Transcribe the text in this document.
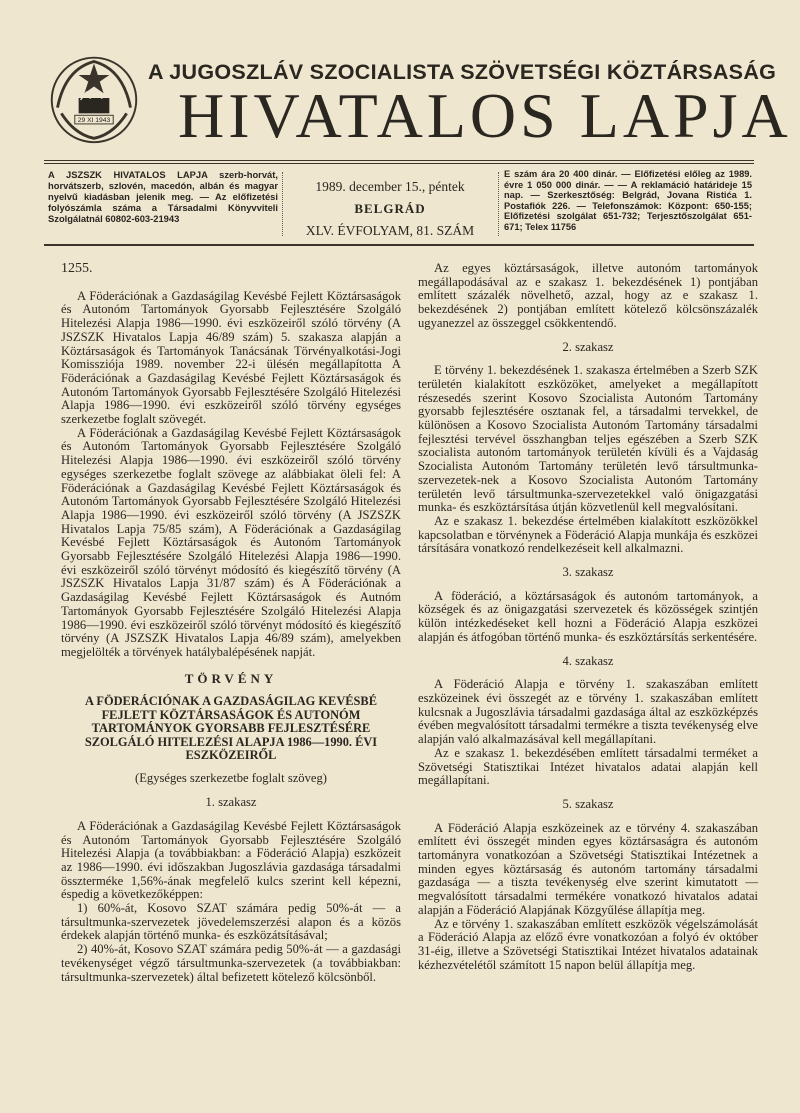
29 XI 1943
A JUGOSZLÁV SZOCIALISTA SZÖVETSÉGI KÖZTÁRSASÁG
HIVATALOS LAPJA
A JSZSZK HIVATALOS LAPJA szerb-horvát, horvátszerb, szlovén, macedón, albán és magyar nyelvű kiadásban jelenik meg. — Az előfizetési folyószámla száma a Társadalmi Könyvviteli Szolgálatnál 60802-603-21943
1989. december 15., péntek
BELGRÁD
XLV. ÉVFOLYAM, 81. SZÁM
E szám ára 20 400 dinár. — Előfizetési előleg az 1989. évre 1 050 000 dinár. — — A reklamáció határideje 15 nap. — Szerkesztőség: Belgrád, Jovana Ristića 1. Postafiók 226. — Telefonszámok: Központ: 650-155; Előfizetési szolgálat 651-732; Terjesztőszolgálat 651-671; Telex 11756

1255.

A Föderációnak a Gazdaságilag Kevésbé Fejlett Köztársaságok és Autonóm Tartományok Gyorsabb Fejlesztésére Szolgáló Hitelezési Alapja 1986—1990. évi eszközeiről szóló törvény (A JSZSZK Hivatalos Lapja 46/89 szám) 5. szakasza alapján a Köztársaságok és Tartományok Tanácsának Törvényalkotási-Jogi Komissziója 1989. november 22-i ülésén megállapította A Föderációnak a Gazdaságilag Kevésbé Fejlett Köztársaságok és Autonóm Tartományok Gyorsabb Fejlesztésére Szolgáló Hitelezési Alapja 1986—1990. évi eszközeiről szóló törvény egységes szerkezetbe foglalt szövegét.

A Föderációnak a Gazdaságilag Kevésbé Fejlett Köztársaságok és Autonóm Tartományok Gyorsabb Fejlesztésére Szolgáló Hitelezési Alapja 1986—1990. évi eszközeiről szóló törvény egységes szerkezetbe foglalt szövege az alábbiakat öleli fel: A Föderációnak a Gazdaságilag Kevésbé Fejlett Köztársaságok és Autonóm Tartományok Gyorsabb Fejlesztésére Szolgáló Hitelezési Alapja 1986—1990. évi eszközeiről szóló törvény (A JSZSZK Hivatalos Lapja 75/85 szám), A Föderációnak a Gazdaságilag Kevésbé Fejlett Köztársaságok és Autonóm Tartományok Gyorsabb Fejlesztésére Szolgáló Hitelezési Alapja 1986—1990. évi eszközeiről szóló törvényt módosító és kiegészítő törvény (A JSZSZK Hivatalos Lapja 31/87 szám) és A Föderációnak a Gazdaságilag Kevésbé Fejlett Köztársaságok és Autnóm Tartományok Gyorsabb Fejlesztésére Szolgáló Hitelezési Alapja 1986—1990. évi eszközeiről szóló törvényt módosító és kiegészítő törvény (A JSZSZK Hivatalos Lapja 46/89 szám), amelyekben megjelölték a törvények hatálybalépésének napját.

TÖRVÉNY

A FÖDERÁCIÓNAK A GAZDASÁGILAG KEVÉSBÉ FEJLETT KÖZTÁRSASÁGOK ÉS AUTONÓM TARTOMÁNYOK GYORSABB FEJLESZTÉSÉRE SZOLGÁLÓ HITELEZÉSI ALAPJA 1986—1990. ÉVI ESZKÖZEIRŐL

(Egységes szerkezetbe foglalt szöveg)

1. szakasz

A Föderációnak a Gazdaságilag Kevésbé Fejlett Köztársaságok és Autonóm Tartományok Gyorsabb Fejlesztésére Szolgáló Hitelezési Alapja (a továbbiakban: a Föderáció Alapja) eszközeit az 1986—1990. évi időszakban Jugoszlávia gazdasága társadalmi összterméke 1,56%-ának megfelelő kulcs szerint kell képezni, éspedig a következőképpen:

1) 60%-át, Kosovo SZAT számára pedig 50%-át — a társultmunka-szervezetek jövedelemszerzési alapon és a közös érdekek alapján történő munka- és eszközátsításával;

2) 40%-át, Kosovo SZAT számára pedig 50%-át — a gazdasági tevékenységet végző társultmunka-szervezetek (a továbbiakban: társultmunka-szervezetek) által befizetett kötelező kölcsönből.

Az egyes köztársaságok, illetve autonóm tartományok megállapodásával az e szakasz 1. bekezdésének 1) pontjában említett százalék növelhető, azzal, hogy az e szakasz 1. bekezdésének 2) pontjában említett kötelező kölcsönszázalék ugyanezzel az összeggel csökkentendő.

2. szakasz

E törvény 1. bekezdésének 1. szakasza értelmében a Szerb SZK területén kialakított eszközöket, amelyeket a megállapított részesedés szerint Kosovo Szocialista Autonóm Tartomány gyorsabb fejlesztésére osztanak fel, a társadalmi tervekkel, de különösen a Kosovo Szocialista Autonóm Tartomány társadalmi fejlesztési tervével összhangban teljes egészében a Szerb SZK szocialista autonóm tartományok területén kívüli és a Vajdaság Szocialista Autonóm Tartomány területén levő társultmunka-szervezetek-nek a Kosovo Szocialista Autonóm Tartomány területén levő társultmunka-szervezetekkel való önigazgatási munka- és eszköztársítása útján közvetlenül kell megvalósítani.

Az e szakasz 1. bekezdése értelmében kialakított eszközökkel kapcsolatban e törvénynek a Föderáció Alapja munkája és eszközei társítására vonatkozó rendelkezéseit kell alkalmazni.

3. szakasz

A föderáció, a köztársaságok és autonóm tartományok, a községek és az önigazgatási szervezetek és közösségek szintjén külön intézkedéseket kell hozni a Föderáció Alapja eszközei alapján és átfogóban történő munka- és eszköztársítás serkentésére.

4. szakasz

A Föderáció Alapja e törvény 1. szakaszában említett eszközeinek évi összegét az e törvény 1. szakaszában említett kulcsnak a Jugoszlávia társadalmi gazdasága által az eszközképzés évében megvalósított társadalmi termékre a tiszta tevékenység elve alapján való alkalmazásával kell megállapítani.

Az e szakasz 1. bekezdésében említett társadalmi terméket a Szövetségi Statisztikai Intézet hivatalos adatai alapján kell megállapítani.

5. szakasz

A Föderáció Alapja eszközeinek az e törvény 4. szakaszában említett évi összegét minden egyes köztársaságra és autonóm tartományra vonatkozóan a Szövetségi Statisztikai Intézetnek a minden egyes köztársaság és autonóm tartomány társadalmi gazdasága — a tiszta tevékenység elve szerint kimutatott — megvalósított társadalmi termékére vonatkozó hivatalos adatai alapján a Föderáció Alapjának Közgyűlése állapítja meg.

Az e törvény 1. szakaszában említett eszközök végelszámolását a Föderáció Alapja az előző évre vonatkozóan a folyó év október 31-éig, illetve a Szövetségi Statisztikai Intézet hivatalos adatainak kézhezvételétől számított 15 napon belül állapítja meg.
